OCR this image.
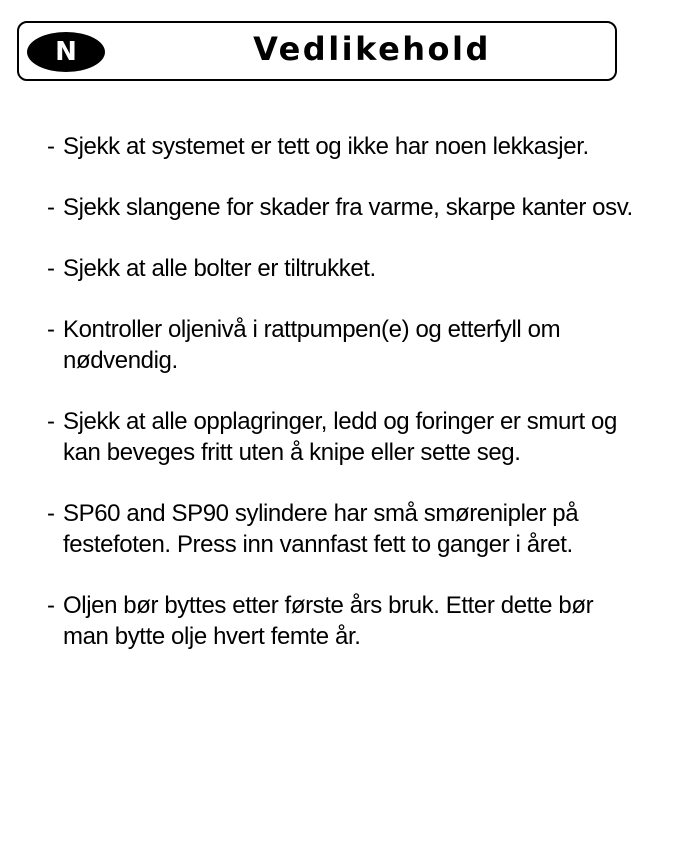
N	Vedlikehold
- Sjekk at systemet er tett og ikke har noen lekkasjer.
- Sjekk slangene for skader fra varme, skarpe kanter osv.
- Sjekk at alle bolter er tiltrukket.
- Kontroller oljenivå i rattpumpen(e) og etterfyll om nødvendig.
- Sjekk at alle opplagringer, ledd og foringer er smurt og kan beveges fritt uten å knipe eller sette seg.
- SP60 and SP90 sylindere har små smørenipler på festefoten. Press inn vannfast fett to ganger i året.
- Oljen bør byttes etter første års bruk. Etter dette bør man bytte olje hvert femte år.
